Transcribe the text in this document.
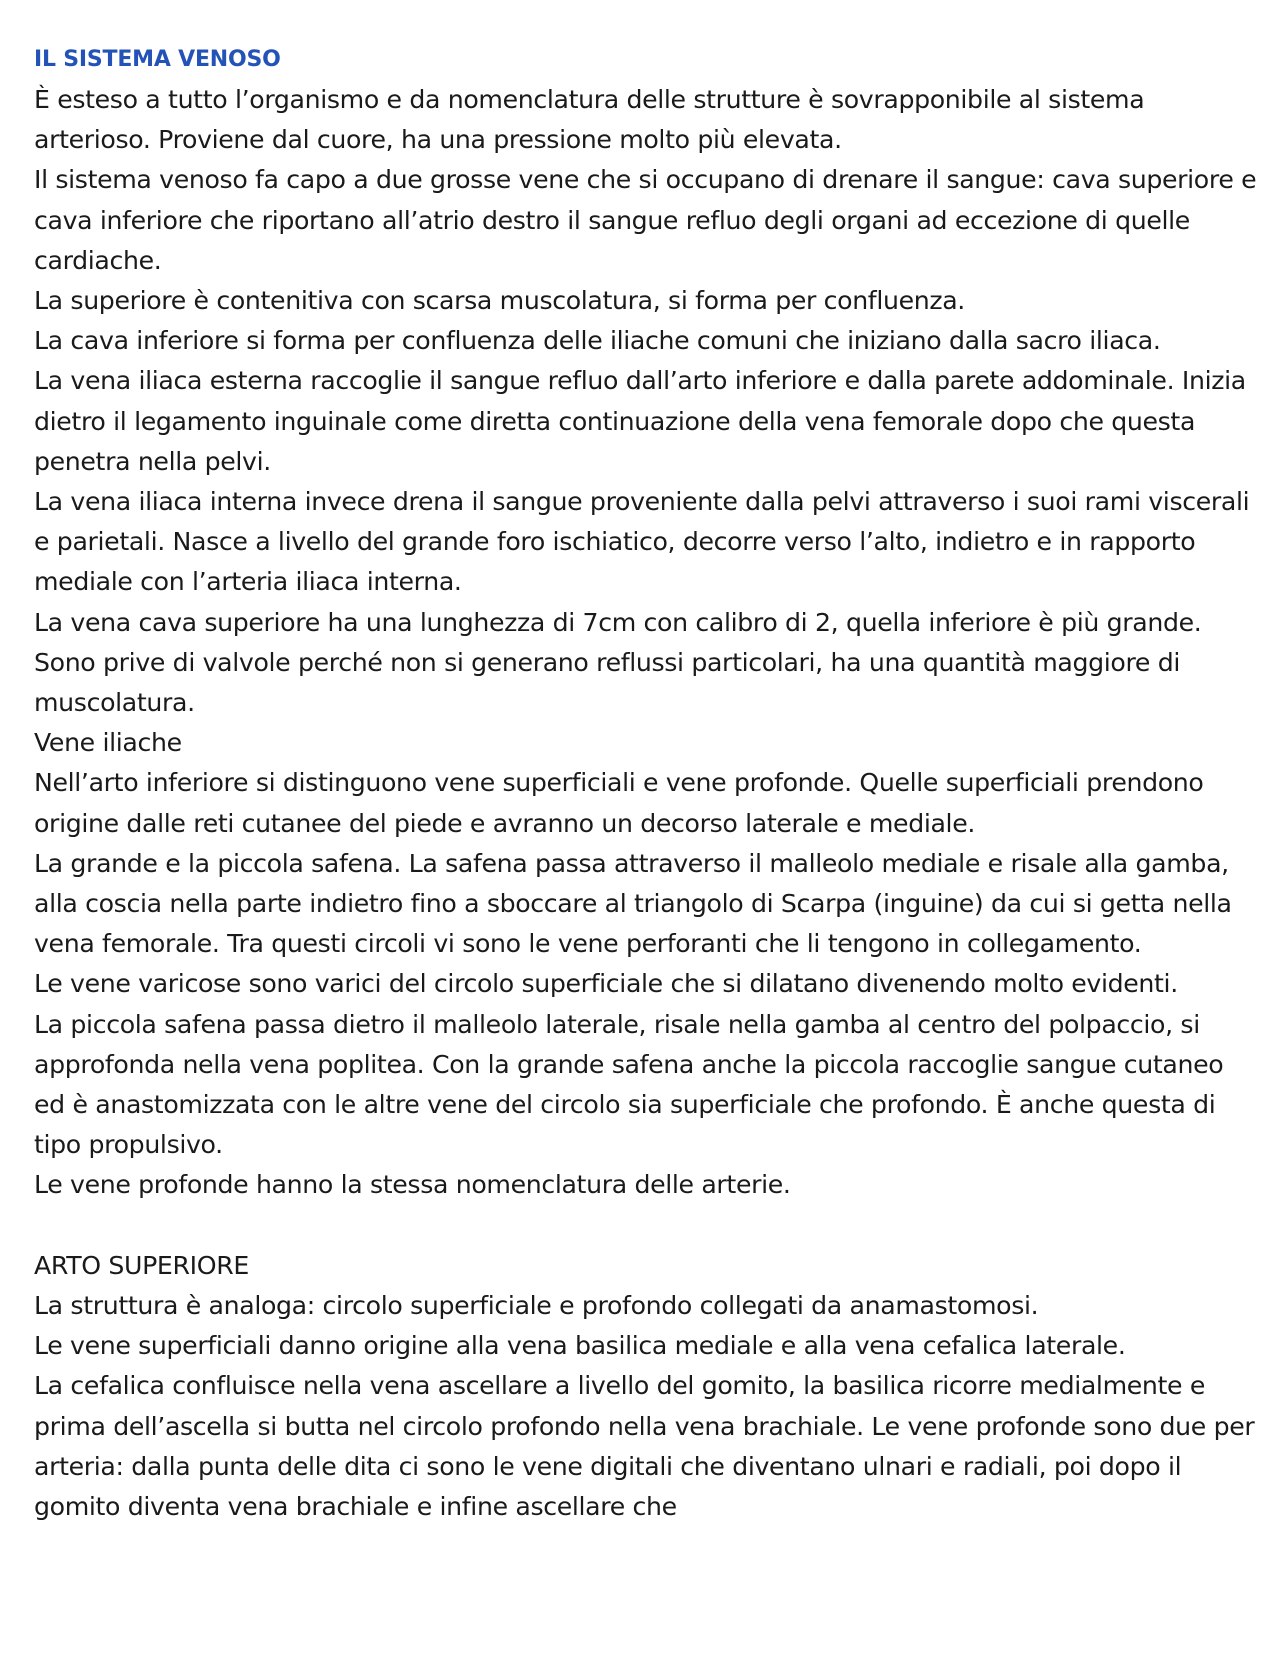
IL SISTEMA VENOSO

È esteso a tutto l’organismo e da nomenclatura delle strutture è sovrapponibile al sistema arterioso. Proviene dal cuore, ha una pressione molto più elevata.

Il sistema venoso fa capo a due grosse vene che si occupano di drenare il sangue: cava superiore e cava inferiore che riportano all’atrio destro il sangue refluo degli organi ad eccezione di quelle cardiache.

La superiore è contenitiva con scarsa muscolatura, si forma per confluenza.

La cava inferiore si forma per confluenza delle iliache comuni che iniziano dalla sacro iliaca.

La vena iliaca esterna raccoglie il sangue refluo dall’arto inferiore e dalla parete addominale. Inizia dietro il legamento inguinale come diretta continuazione della vena femorale dopo che questa penetra nella pelvi.

La vena iliaca interna invece drena il sangue proveniente dalla pelvi attraverso i suoi rami viscerali e parietali. Nasce a livello del grande foro ischiatico, decorre verso l’alto, indietro e in rapporto mediale con l’arteria iliaca interna.

La vena cava superiore ha una lunghezza di 7cm con calibro di 2, quella inferiore è più grande. Sono prive di valvole perché non si generano reflussi particolari, ha una quantità maggiore di muscolatura.

Vene iliache

Nell’arto inferiore si distinguono vene superficiali e vene profonde. Quelle superficiali prendono origine dalle reti cutanee del piede e avranno un decorso laterale e mediale.

La grande e la piccola safena. La safena passa attraverso il malleolo mediale e risale alla gamba, alla coscia nella parte indietro fino a sboccare al triangolo di Scarpa (inguine) da cui si getta nella vena femorale. Tra questi circoli vi sono le vene perforanti che li tengono in collegamento.

Le vene varicose sono varici del circolo superficiale che si dilatano divenendo molto evidenti.

La piccola safena passa dietro il malleolo laterale, risale nella gamba al centro del polpaccio, si approfonda nella vena poplitea. Con la grande safena anche la piccola raccoglie sangue cutaneo ed è anastomizzata con le altre vene del circolo sia superficiale che profondo. È anche questa di tipo propulsivo.

Le vene profonde hanno la stessa nomenclatura delle arterie.

ARTO SUPERIORE

La struttura è analoga: circolo superficiale e profondo collegati da anamastomosi.

Le vene superficiali danno origine alla vena basilica mediale e alla vena cefalica laterale.

La cefalica confluisce nella vena ascellare a livello del gomito, la basilica ricorre medialmente e prima dell’ascella si butta nel circolo profondo nella vena brachiale. Le vene profonde sono due per arteria: dalla punta delle dita ci sono le vene digitali che diventano ulnari e radiali, poi dopo il gomito diventa vena brachiale e infine ascellare che
